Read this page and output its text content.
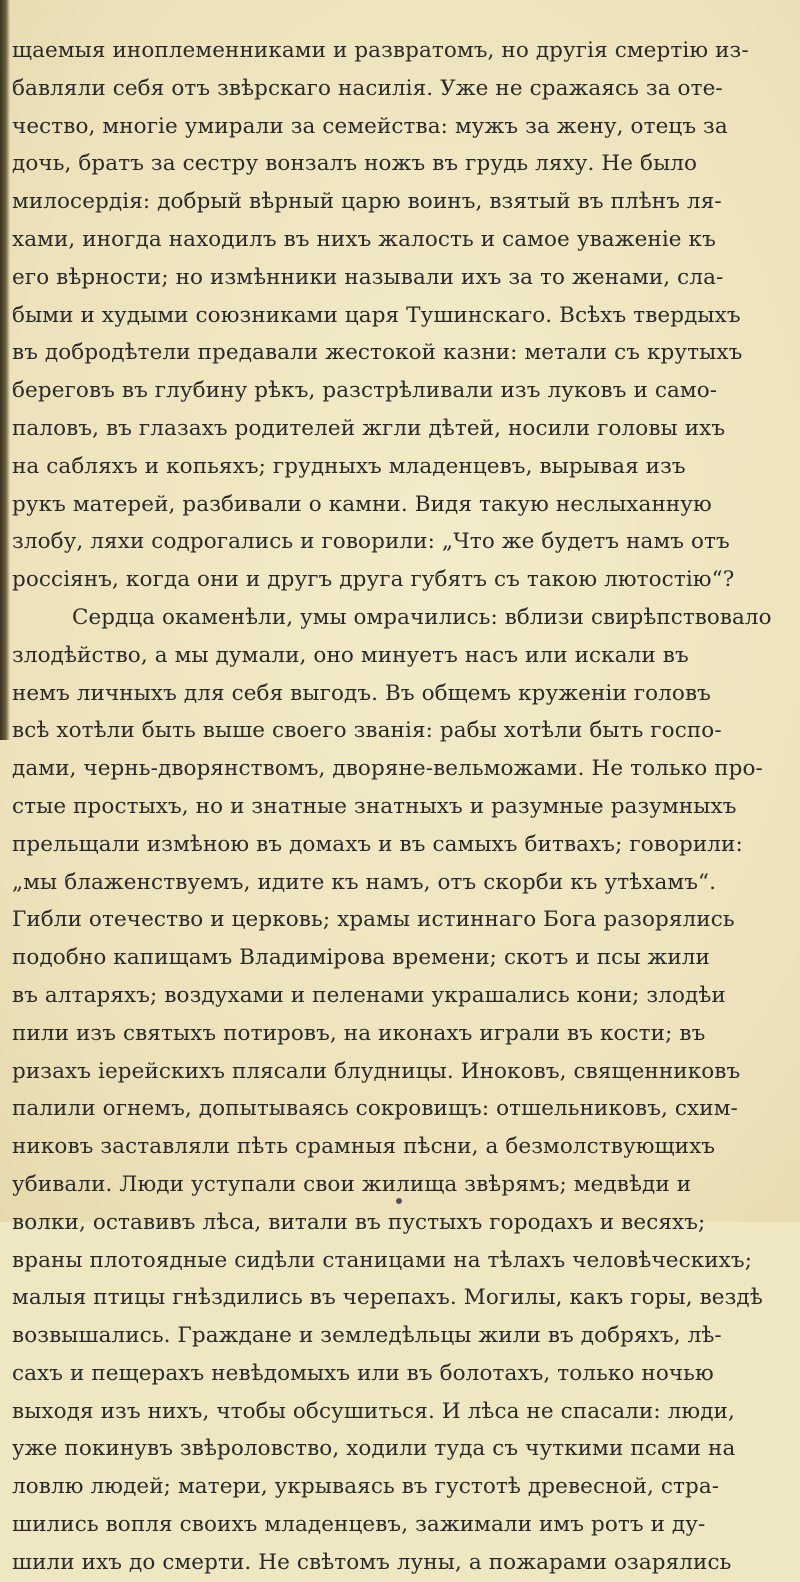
щаемыя иноплеменниками и развратомъ, но другія смертію из-
бавляли себя отъ звѣрскаго насилія. Уже не сражаясь за оте-
чество, многіе умирали за семейства: мужъ за жену, отецъ за
дочь, братъ за сестру вонзалъ ножъ въ грудь ляху. Не было
милосердія: добрый вѣрный царю воинъ, взятый въ плѣнъ ля-
хами, иногда находилъ въ нихъ жалость и самое уваженіе къ
его вѣрности; но измѣнники называли ихъ за то женами, сла-
быми и худыми союзниками царя Тушинскаго. Всѣхъ твердыхъ
въ добродѣтели предавали жестокой казни: метали съ крутыхъ
береговъ въ глубину рѣкъ, разстрѣливали изъ луковъ и само-
паловъ, въ глазахъ родителей жгли дѣтей, носили головы ихъ
на сабляхъ и копьяхъ; грудныхъ младенцевъ, вырывая изъ
рукъ матерей, разбивали о камни. Видя такую неслыханную
злобу, ляхи содрогались и говорили: „Что же будетъ намъ отъ
россіянъ, когда они и другъ друга губятъ съ такою лютостію“?
Сердца окаменѣли, умы омрачились: вблизи свирѣпствовало
злодѣйство, а мы думали, оно минуетъ насъ или искали въ
немъ личныхъ для себя выгодъ. Въ общемъ круженіи головъ
всѣ хотѣли быть выше своего званія: рабы хотѣли быть госпо-
дами, чернь-дворянствомъ, дворяне-вельможами. Не только про-
стые простыхъ, но и знатные знатныхъ и разумные разумныхъ
прельщали измѣною въ домахъ и въ самыхъ битвахъ; говорили:
„мы блаженствуемъ, идите къ намъ, отъ скорби къ утѣхамъ“.
Гибли отечество и церковь; храмы истиннаго Бога разорялись
подобно капищамъ Владиміровa времени; скотъ и псы жили
въ алтаряхъ; воздухами и пеленами украшались кони; злодѣи
пили изъ святыхъ потировъ, на иконахъ играли въ кости; въ
ризахъ іерейскихъ плясали блудницы. Иноковъ, священниковъ
палили огнемъ, допытываясь сокровищъ: отшельниковъ, схим-
никовъ заставляли пѣть срамныя пѣсни, а безмолствующихъ
убивали. Люди уступали свои жилища звѣрямъ; медвѣди и
волки, оставивъ лѣса, витали въ пустыхъ городахъ и весяхъ;
враны плотоядные сидѣли станицами на тѣлахъ человѣческихъ;
малыя птицы гнѣздились въ черепахъ. Могилы, какъ горы, вездѣ
возвышались. Граждане и земледѣльцы жили въ добряхъ, лѣ-
сахъ и пещерахъ невѣдомыхъ или въ болотахъ, только ночью
выходя изъ нихъ, чтобы обсушиться. И лѣса не спасали: люди,
уже покинувъ звѣроловство, ходили туда съ чуткими псами на
ловлю людей; матери, укрываясь въ густотѣ древесной, стра-
шились вопля своихъ младенцевъ, зажимали имъ ротъ и ду-
шили ихъ до смерти. Не свѣтомъ луны, а пожарами озарялись
